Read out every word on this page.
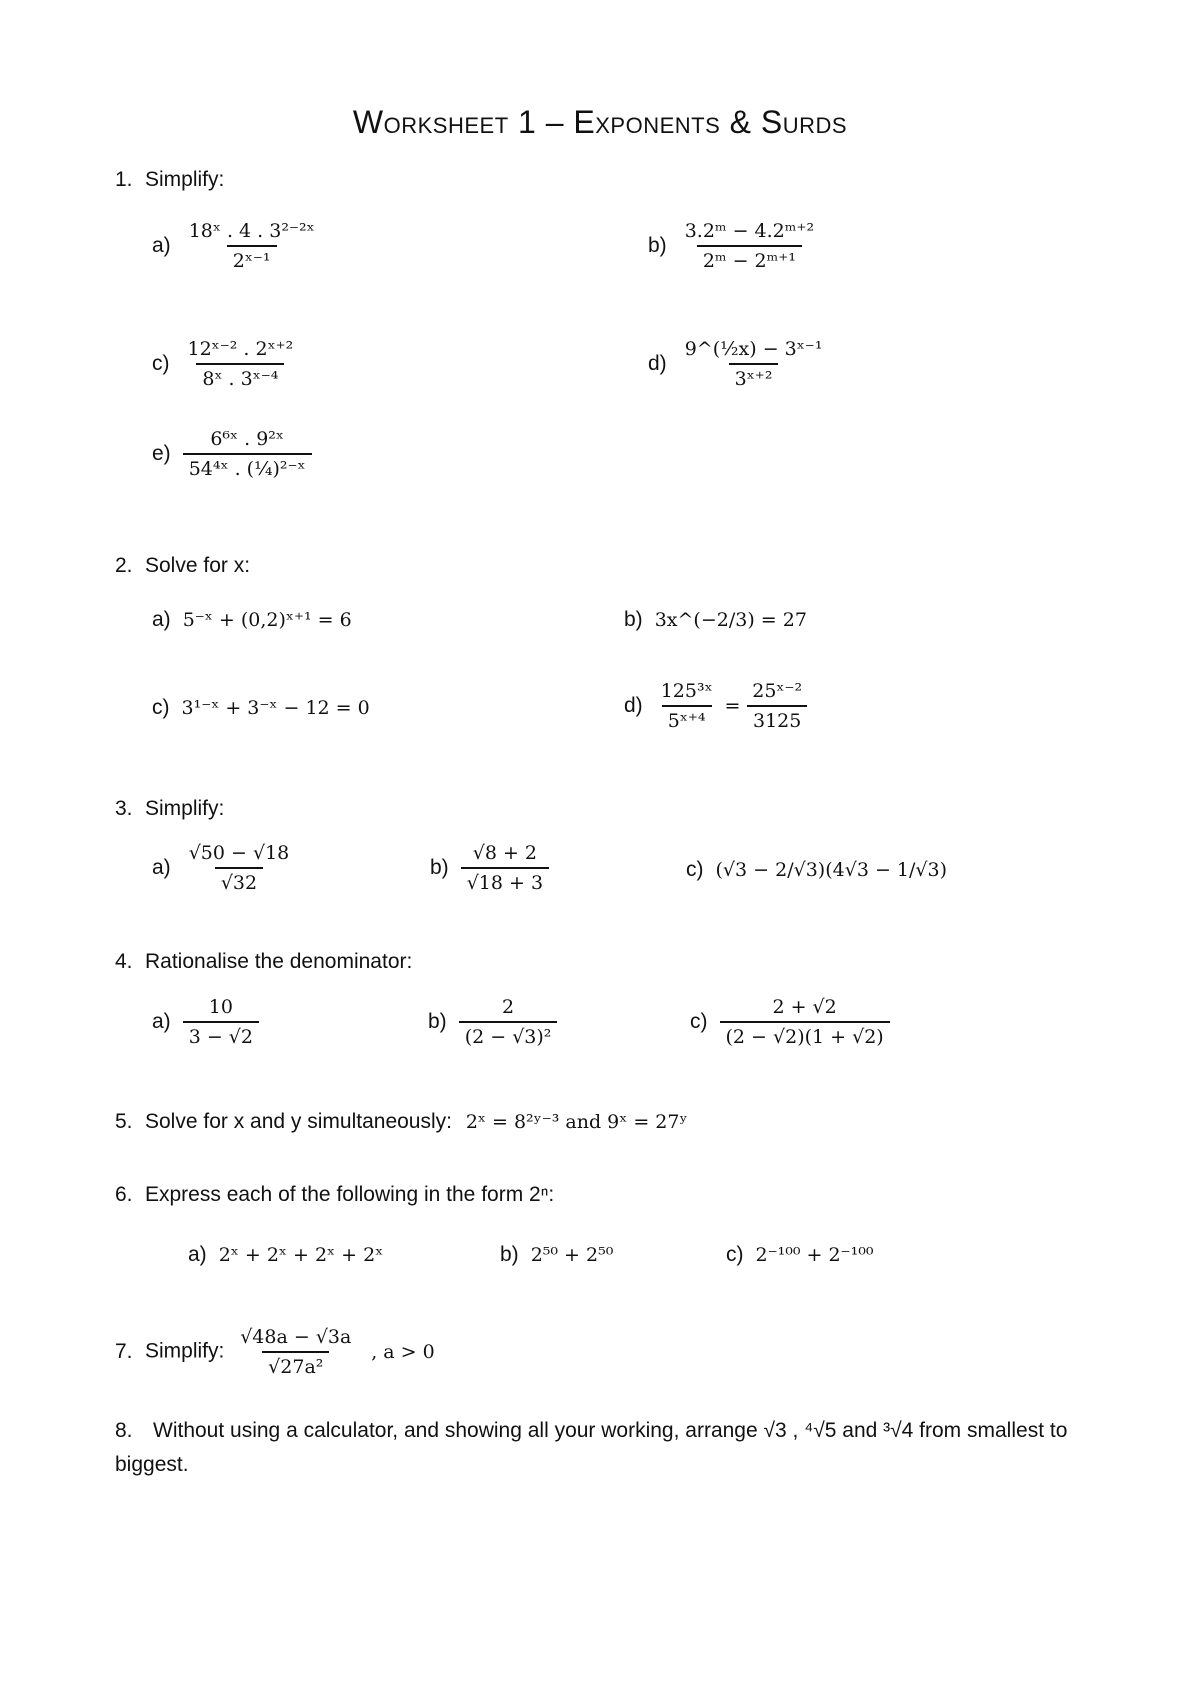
Worksheet 1 – Exponents & Surds
1. Simplify:
$a) \frac{\text{18ˣ . 4 . 3²⁻²ˣ}}{\text{2ˣ⁻¹}}$	$b) \frac{\text{3.2ᵐ − 4.2ᵐ⁺²}}{\text{2ᵐ − 2ᵐ⁺¹}}$
$c) \frac{\text{12ˣ⁻² . 2ˣ⁺²}}{\text{8ˣ . 3ˣ⁻⁴}}$	$d) \frac{\text{9\textasciicircum{}(½x) − 3ˣ⁻¹}}{\text{3ˣ⁺²}}$
$e) \frac{\text{6⁶ˣ . 9²ˣ}}{\text{54⁴ˣ . (¼)²⁻ˣ}}$
2. Solve for x:
a) 5⁻ˣ + (0,2)ˣ⁺¹ = 6	b) 3x^(−2/3) = 27
c) 3¹⁻ˣ + 3⁻ˣ − 12 = 0	$d) \frac{\text{125³ˣ}}{\text{5ˣ⁺⁴}} = \frac{\text{25ˣ⁻²}}{3125}$
3. Simplify:
$a) \frac{√50 - √18}{√32}$	$b) \frac{√8 + 2}{√18 + 3}$	c) (√3 − 2/√3)(4√3 − 1/√3)
4. Rationalise the denominator:
$a) \frac{10}{3 - √2}$	$b) \frac{2}{\text{(2 − √3)²}}$	$c) \frac{2 + √2}{(2 - √2)(1 + √2)}$
5. Solve for x and y simultaneously: 2ˣ = 8²ʸ⁻³ and 9ˣ = 27ʸ
6. Express each of the following in the form 2ⁿ:
a) 2ˣ + 2ˣ + 2ˣ + 2ˣ	b) 2⁵⁰ + 2⁵⁰	c) 2⁻¹⁰⁰ + 2⁻¹⁰⁰
7. Simplify: $\frac{√48a - √3a}{\text{√27a²}}$ , a > 0
8. Without using a calculator, and showing all your working, arrange √3 , ⁴√5 and ³√4 from smallest to biggest.
